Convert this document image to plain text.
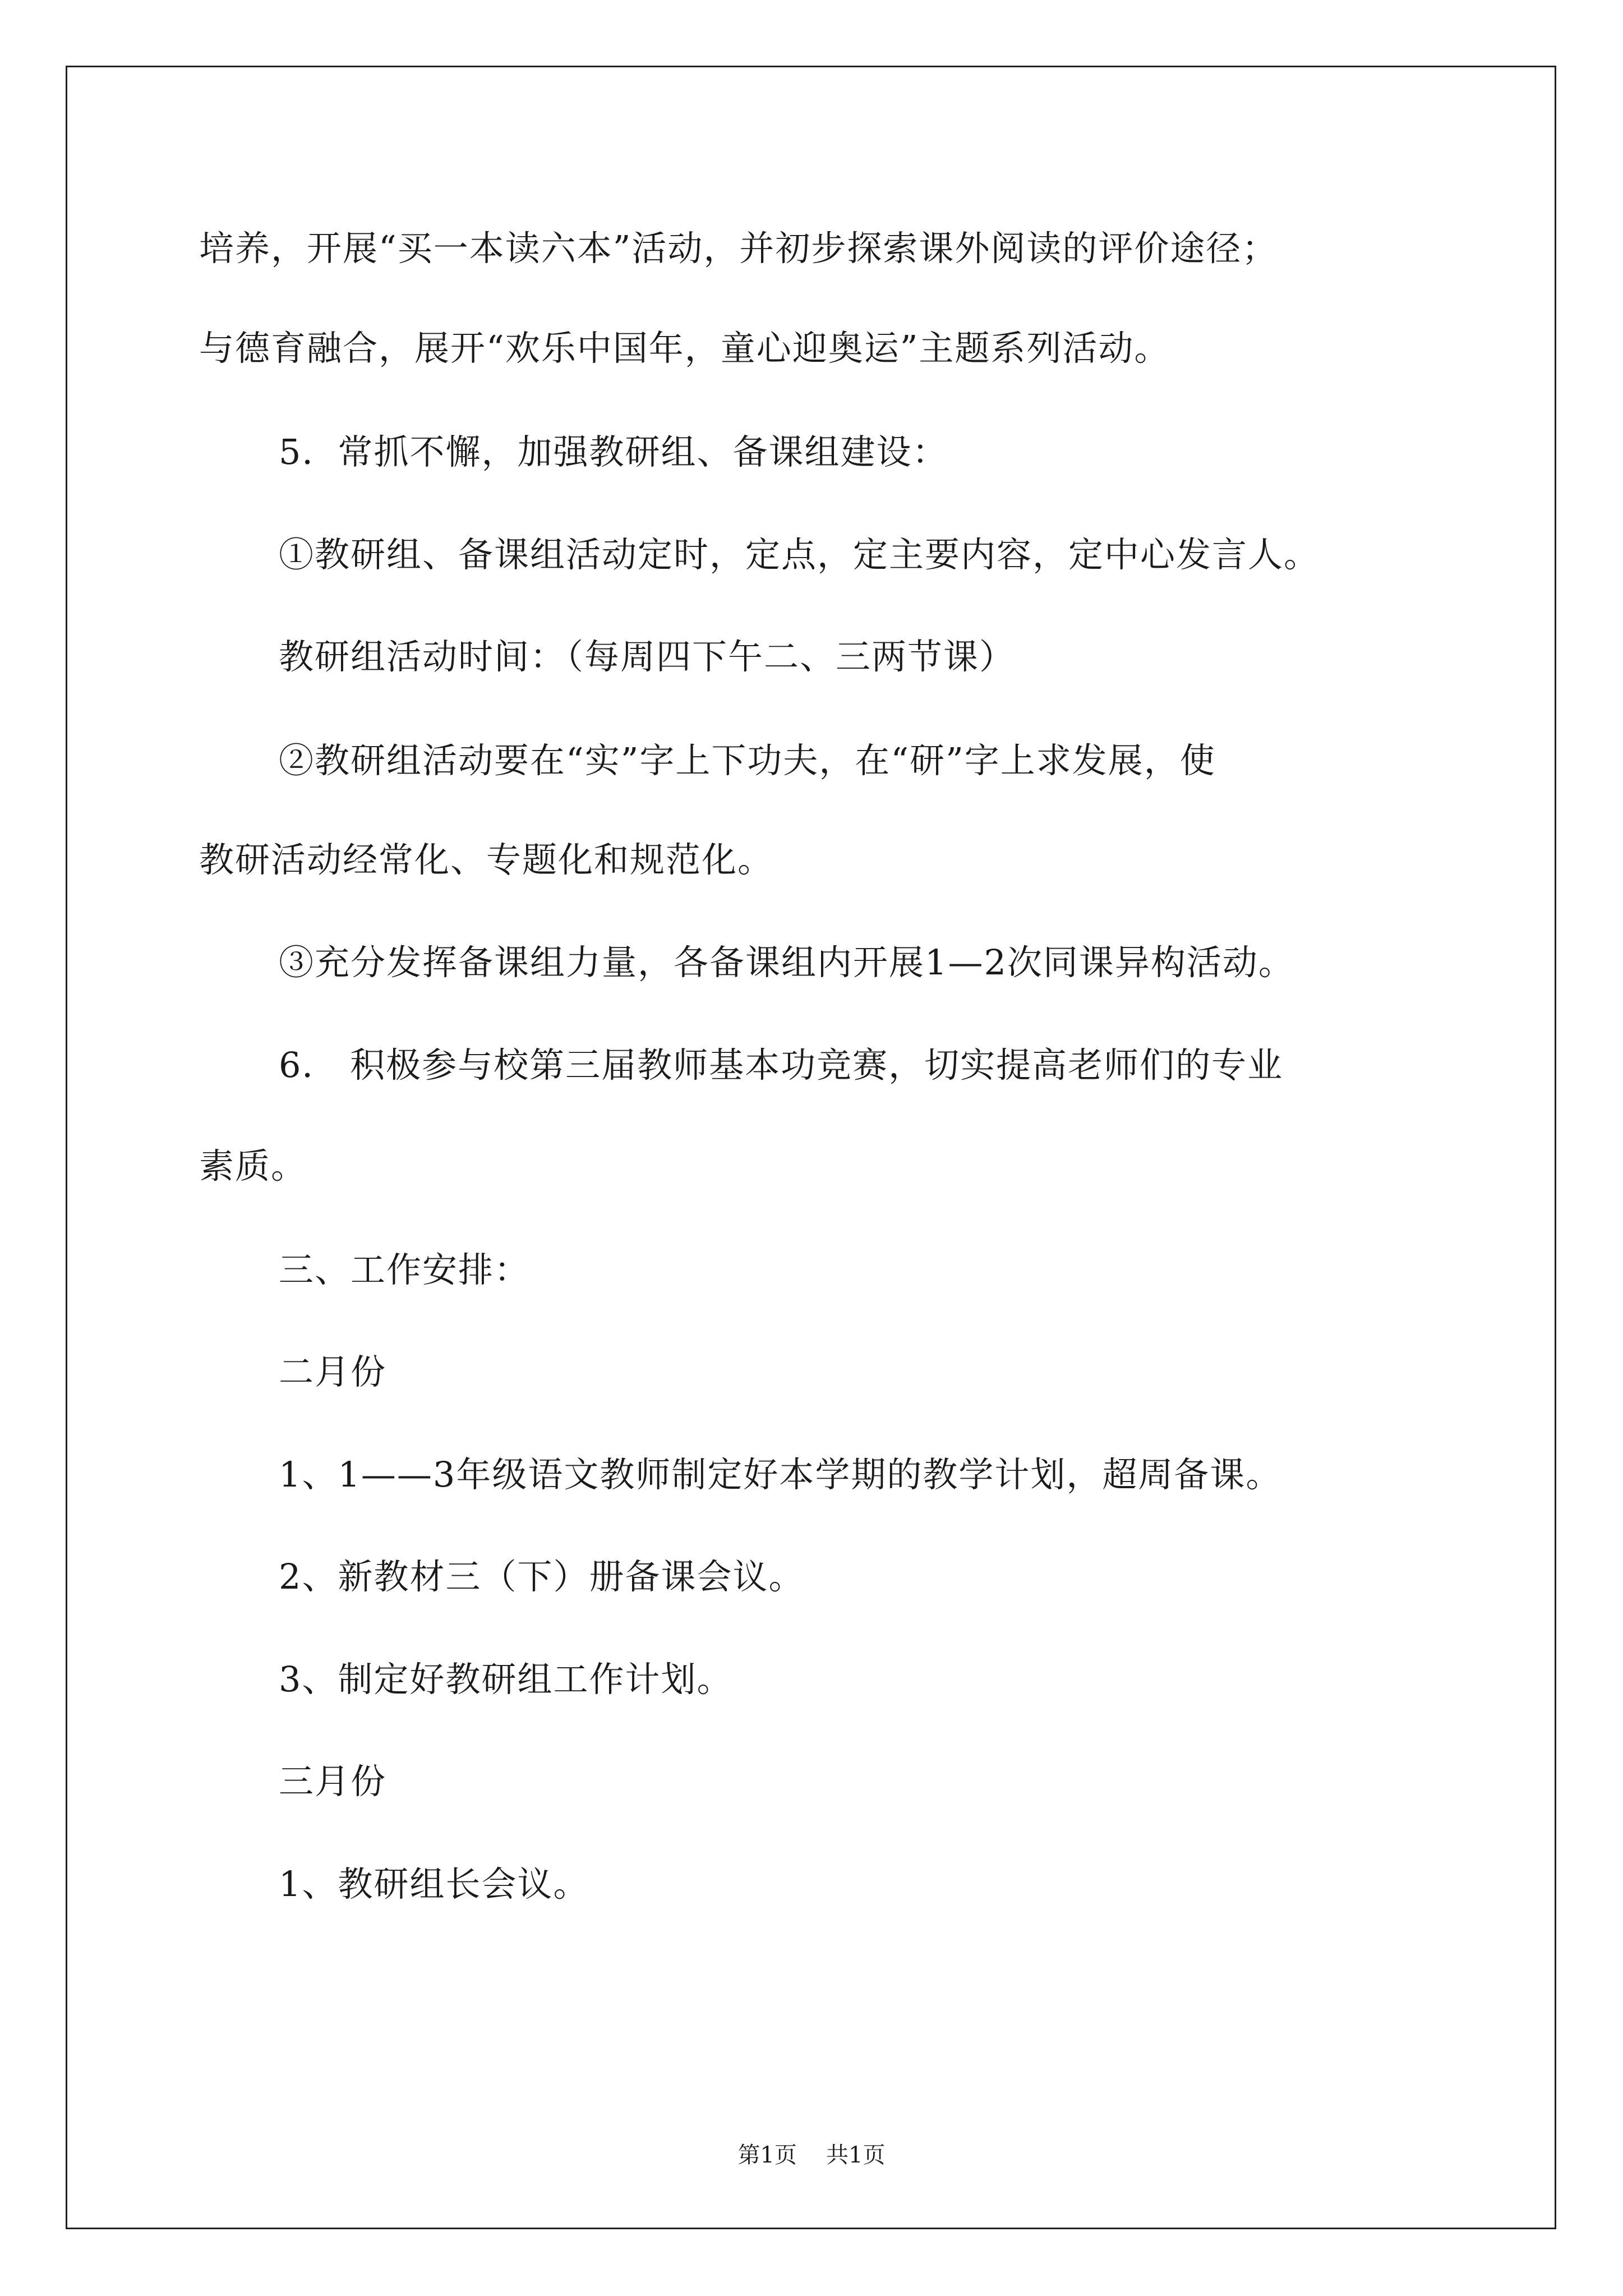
培养，开展“买一本读六本”活动，并初步探索课外阅读的评价途径；
与德育融合，展开“欢乐中国年，童心迎奥运”主题系列活动。
5．常抓不懈，加强教研组、备课组建设：
①教研组、备课组活动定时，定点，定主要内容，定中心发言人。
教研组活动时间：（每周四下午二、三两节课）
②教研组活动要在“实”字上下功夫，在“研”字上求发展，使
教研活动经常化、专题化和规范化。
③充分发挥备课组力量，各备课组内开展1—2次同课异构活动。
6． 积极参与校第三届教师基本功竞赛，切实提高老师们的专业
素质。
三、工作安排：
二月份
1、1——3年级语文教师制定好本学期的教学计划，超周备课。
2、新教材三（下）册备课会议。
3、制定好教研组工作计划。
三月份
1、教研组长会议。
第1页 共1页
